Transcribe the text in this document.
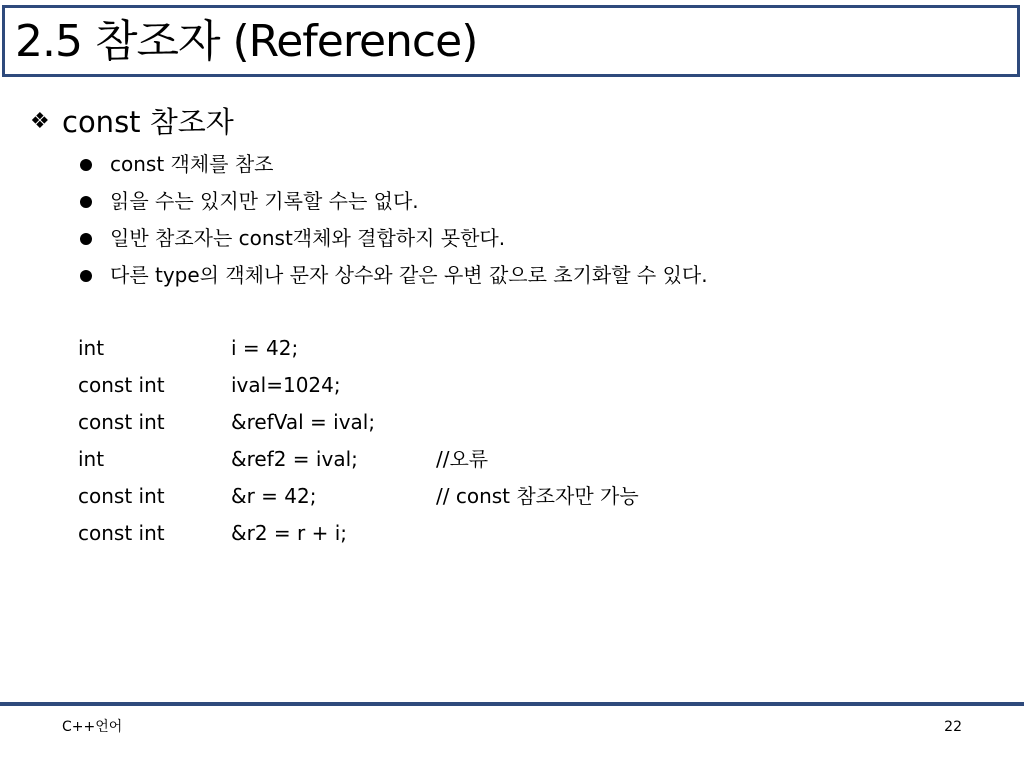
2.5 참조자 (Reference)
❖ const 참조자
const 객체를 참조
읽을 수는 있지만 기록할 수는 없다.
일반 참조자는 const객체와 결합하지 못한다.
다른 type의 객체나 문자 상수와 같은 우변 값으로 초기화할 수 있다.
int	i = 42;
const int	ival=1024;
const int	&refVal = ival;
int	&ref2 = ival;	//오류
const int	&r = 42;	// const 참조자만 가능
const int	&r2 = r + i;
C++언어	22
